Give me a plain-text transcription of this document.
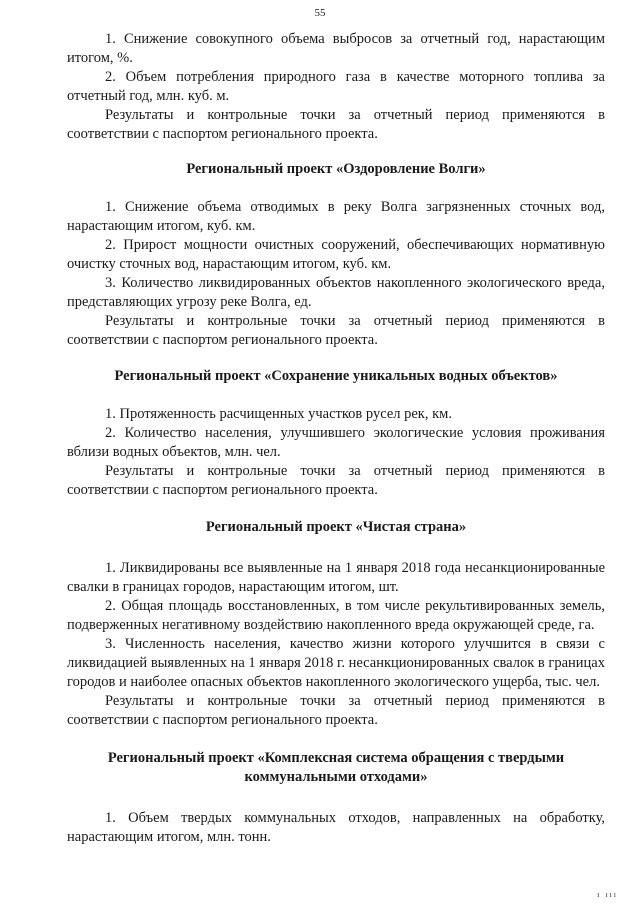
55

1. Снижение совокупного объема выбросов за отчетный год, нарастающим итогом, %.

2. Объем потребления природного газа в качестве моторного топлива за отчетный год, млн. куб. м.

Результаты и контрольные точки за отчетный период применяются в соответствии с паспортом регионального проекта.

Региональный проект «Оздоровление Волги»

1. Снижение объема отводимых в реку Волга загрязненных сточных вод, нарастающим итогом, куб. км.

2. Прирост мощности очистных сооружений, обеспечивающих нормативную очистку сточных вод, нарастающим итогом, куб. км.

3. Количество ликвидированных объектов накопленного экологического вреда, представляющих угрозу реке Волга, ед.

Результаты и контрольные точки за отчетный период применяются в соответствии с паспортом регионального проекта.

Региональный проект «Сохранение уникальных водных объектов»

1. Протяженность расчищенных участков русел рек, км.

2. Количество населения, улучшившего экологические условия проживания вблизи водных объектов, млн. чел.

Результаты и контрольные точки за отчетный период применяются в соответствии с паспортом регионального проекта.

Региональный проект «Чистая страна»

1. Ликвидированы все выявленные на 1 января 2018 года несанкционированные свалки в границах городов, нарастающим итогом, шт.

2. Общая площадь восстановленных, в том числе рекультивированных земель, подверженных негативному воздействию накопленного вреда окружающей среде, га.

3. Численность населения, качество жизни которого улучшится в связи с ликвидацией выявленных на 1 января 2018 г. несанкционированных свалок в границах городов и наиболее опасных объектов накопленного экологического ущерба, тыс. чел.

Результаты и контрольные точки за отчетный период применяются в соответствии с паспортом регионального проекта.

Региональный проект «Комплексная система обращения с твердыми коммунальными отходами»

1. Объем твердых коммунальных отходов, направленных на обработку, нарастающим итогом, млн. тонн.

ı ııı
